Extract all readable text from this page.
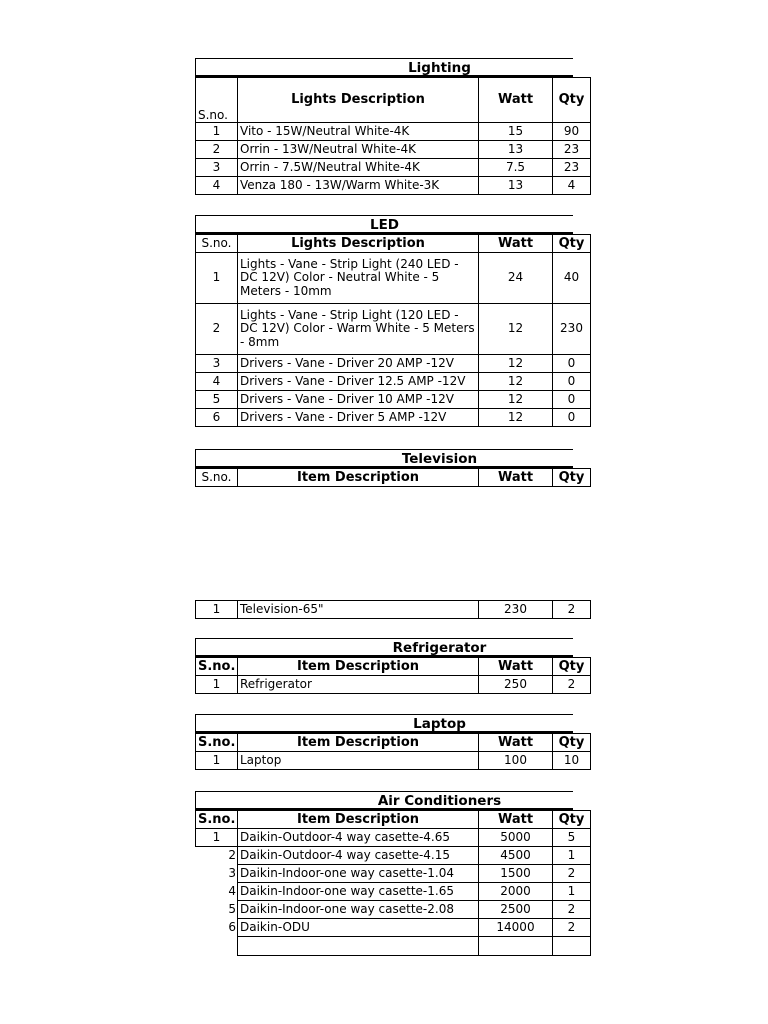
Lighting
S.no.	Lights Description	Watt	Qty
1	Vito - 15W/Neutral White-4K	15	90
2	Orrin - 13W/Neutral White-4K	13	23
3	Orrin - 7.5W/Neutral White-4K	7.5	23
4	Venza 180 - 13W/Warm White-3K	13	4
LED
S.no.	Lights Description	Watt	Qty
1	Lights - Vane - Strip Light (240 LED - DC 12V) Color - Neutral White - 5 Meters - 10mm	24	40
2	Lights - Vane - Strip Light (120 LED - DC 12V) Color - Warm White - 5 Meters - 8mm	12	230
3	Drivers - Vane - Driver 20 AMP -12V	12	0
4	Drivers - Vane - Driver 12.5 AMP -12V	12	0
5	Drivers - Vane - Driver 10 AMP -12V	12	0
6	Drivers - Vane - Driver 5 AMP -12V	12	0
Television
S.no.	Item Description	Watt	Qty
1	Television-65"	230	2
Refrigerator
S.no.	Item Description	Watt	Qty
1	Refrigerator	250	2
Laptop
S.no.	Item Description	Watt	Qty
1	Laptop	100	10
Air Conditioners
S.no.	Item Description	Watt	Qty
1	Daikin-Outdoor-4 way casette-4.65	5000	5
2	Daikin-Outdoor-4 way casette-4.15	4500	1
3	Daikin-Indoor-one way casette-1.04	1500	2
4	Daikin-Indoor-one way casette-1.65	2000	1
5	Daikin-Indoor-one way casette-2.08	2500	2
6	Daikin-ODU	14000	2
